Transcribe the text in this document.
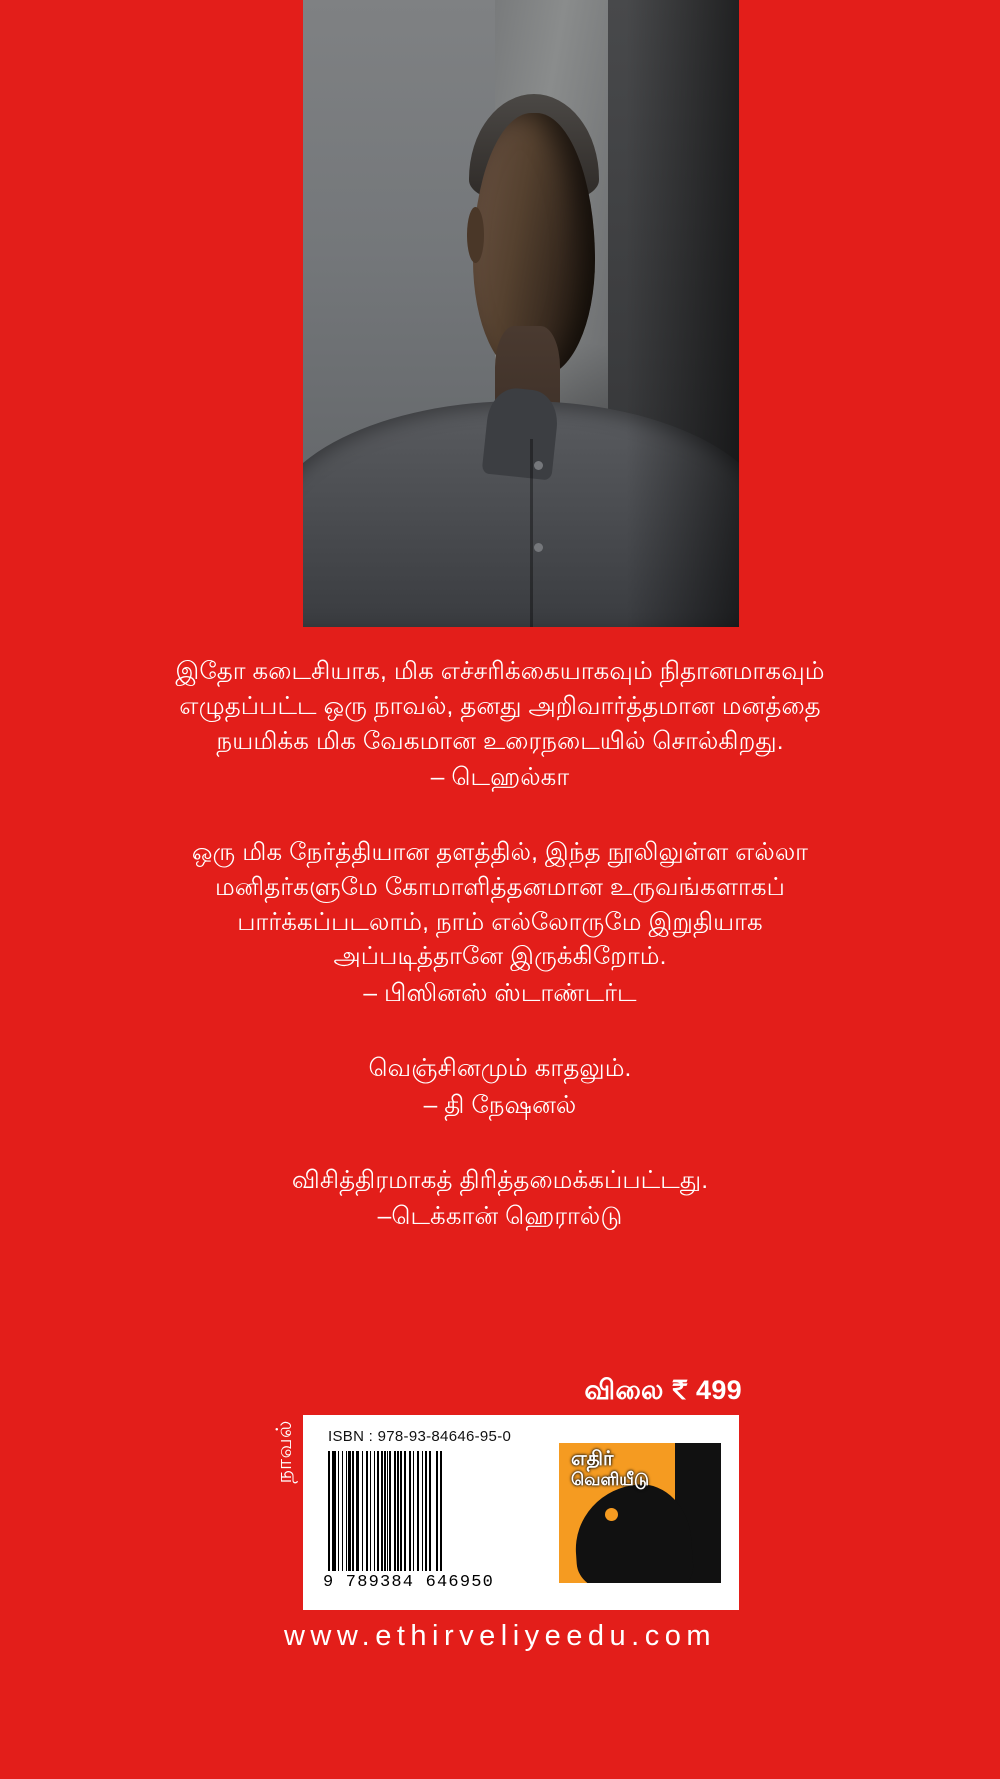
இதோ கடைசியாக, மிக எச்சரிக்கையாகவும் நிதானமாகவும் எழுதப்பட்ட ஒரு நாவல், தனது அறிவார்த்தமான மனத்தை நயமிக்க மிக வேகமான உரைநடையில் சொல்கிறது.

– டெஹல்கா

ஒரு மிக நேர்த்தியான தளத்தில், இந்த நூலிலுள்ள எல்லா மனிதர்களுமே கோமாளித்தனமான உருவங்களாகப் பார்க்கப்படலாம், நாம் எல்லோருமே இறுதியாக அப்படித்தானே இருக்கிறோம்.

– பிஸினஸ் ஸ்டாண்டர்ட

வெஞ்சினமும் காதலும்.

– தி நேஷனல்

விசித்திரமாகத் திரித்தமைக்கப்பட்டது.

–டெக்கான் ஹெரால்டு

விலை ₹ 499
நாவல் ISBN : 978-93-84646-95-0
9 789384 646950
எதிர்
வெளியீடு
www.ethirveliyeedu.com
